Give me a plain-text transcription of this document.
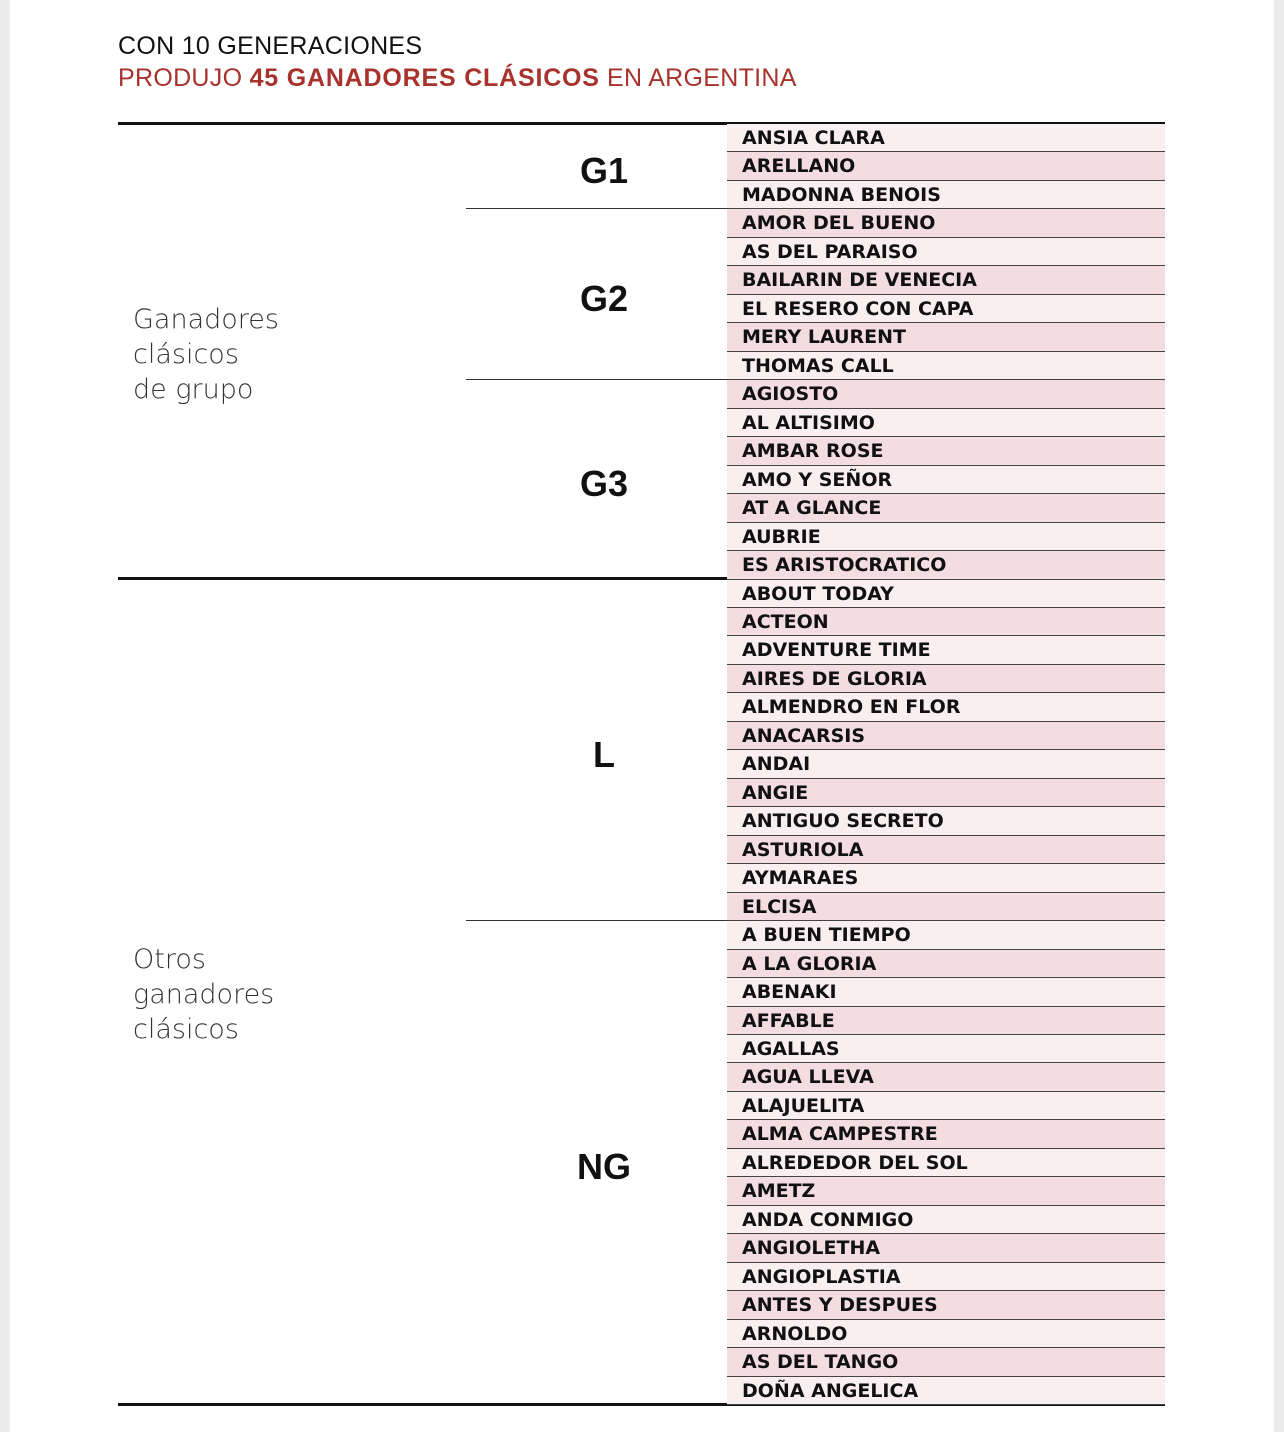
CON 10 GENERACIONES
PRODUJO 45 GANADORES CLÁSICOS EN ARGENTINA
Ganadores
clásicos
de grupo
Otros
ganadores
clásicos
G1
G2
G3
L
NG
ANSIA CLARA
ARELLANO
MADONNA BENOIS
AMOR DEL BUENO
AS DEL PARAISO
BAILARIN DE VENECIA
EL RESERO CON CAPA
MERY LAURENT
THOMAS CALL
AGIOSTO
AL ALTISIMO
AMBAR ROSE
AMO Y SEÑOR
AT A GLANCE
AUBRIE
ES ARISTOCRATICO
ABOUT TODAY
ACTEON
ADVENTURE TIME
AIRES DE GLORIA
ALMENDRO EN FLOR
ANACARSIS
ANDAI
ANGIE
ANTIGUO SECRETO
ASTURIOLA
AYMARAES
ELCISA
A BUEN TIEMPO
A LA GLORIA
ABENAKI
AFFABLE
AGALLAS
AGUA LLEVA
ALAJUELITA
ALMA CAMPESTRE
ALREDEDOR DEL SOL
AMETZ
ANDA CONMIGO
ANGIOLETHA
ANGIOPLASTIA
ANTES Y DESPUES
ARNOLDO
AS DEL TANGO
DOÑA ANGELICA
